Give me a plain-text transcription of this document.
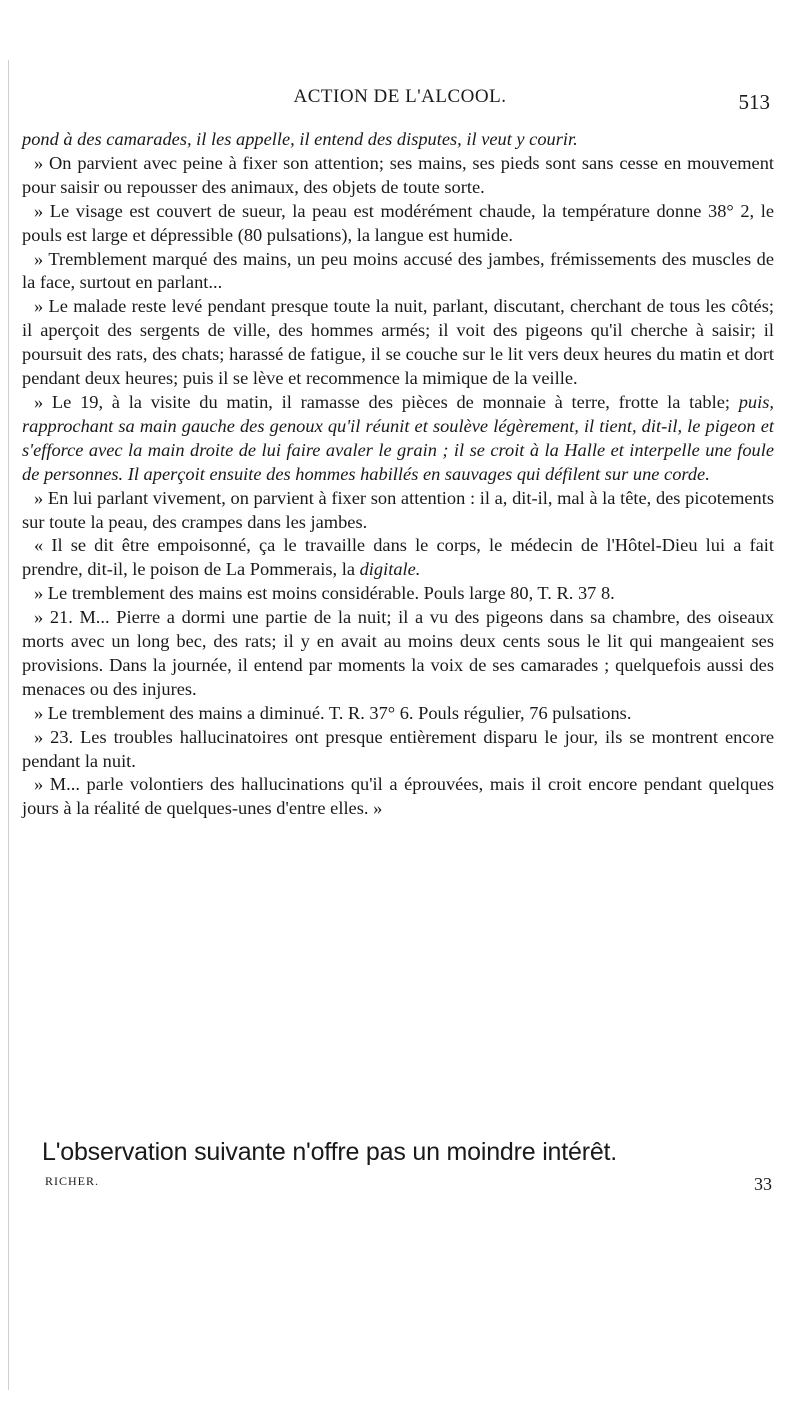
ACTION DE L'ALCOOL.	513

pond à des camarades, il les appelle, il entend des disputes, il veut y courir.

» On parvient avec peine à fixer son attention; ses mains, ses pieds sont sans cesse en mouvement pour saisir ou repousser des animaux, des objets de toute sorte.

» Le visage est couvert de sueur, la peau est modérément chaude, la température donne 38° 2, le pouls est large et dépressible (80 pulsations), la langue est humide.

» Tremblement marqué des mains, un peu moins accusé des jambes, frémissements des muscles de la face, surtout en parlant...

» Le malade reste levé pendant presque toute la nuit, parlant, discutant, cherchant de tous les côtés; il aperçoit des sergents de ville, des hommes armés; il voit des pigeons qu'il cherche à saisir; il poursuit des rats, des chats; harassé de fatigue, il se couche sur le lit vers deux heures du matin et dort pendant deux heures; puis il se lève et recommence la mimique de la veille.

» Le 19, à la visite du matin, il ramasse des pièces de monnaie à terre, frotte la table; puis, rapprochant sa main gauche des genoux qu'il réunit et soulève légèrement, il tient, dit-il, le pigeon et s'efforce avec la main droite de lui faire avaler le grain ; il se croit à la Halle et interpelle une foule de personnes. Il aperçoit ensuite des hommes habillés en sauvages qui défilent sur une corde.

» En lui parlant vivement, on parvient à fixer son attention : il a, dit-il, mal à la tête, des picotements sur toute la peau, des crampes dans les jambes.

« Il se dit être empoisonné, ça le travaille dans le corps, le médecin de l'Hôtel-Dieu lui a fait prendre, dit-il, le poison de La Pommerais, la digitale.

» Le tremblement des mains est moins considérable. Pouls large 80, T. R. 37 8.

» 21. M... Pierre a dormi une partie de la nuit; il a vu des pigeons dans sa chambre, des oiseaux morts avec un long bec, des rats; il y en avait au moins deux cents sous le lit qui mangeaient ses provisions. Dans la journée, il entend par moments la voix de ses camarades ; quelquefois aussi des menaces ou des injures.

» Le tremblement des mains a diminué. T. R. 37° 6. Pouls régulier, 76 pulsations.

» 23. Les troubles hallucinatoires ont presque entièrement disparu le jour, ils se montrent encore pendant la nuit.

» M... parle volontiers des hallucinations qu'il a éprouvées, mais il croit encore pendant quelques jours à la réalité de quelques-unes d'entre elles. »

L'observation suivante n'offre pas un moindre intérêt.
RICHER.	33
